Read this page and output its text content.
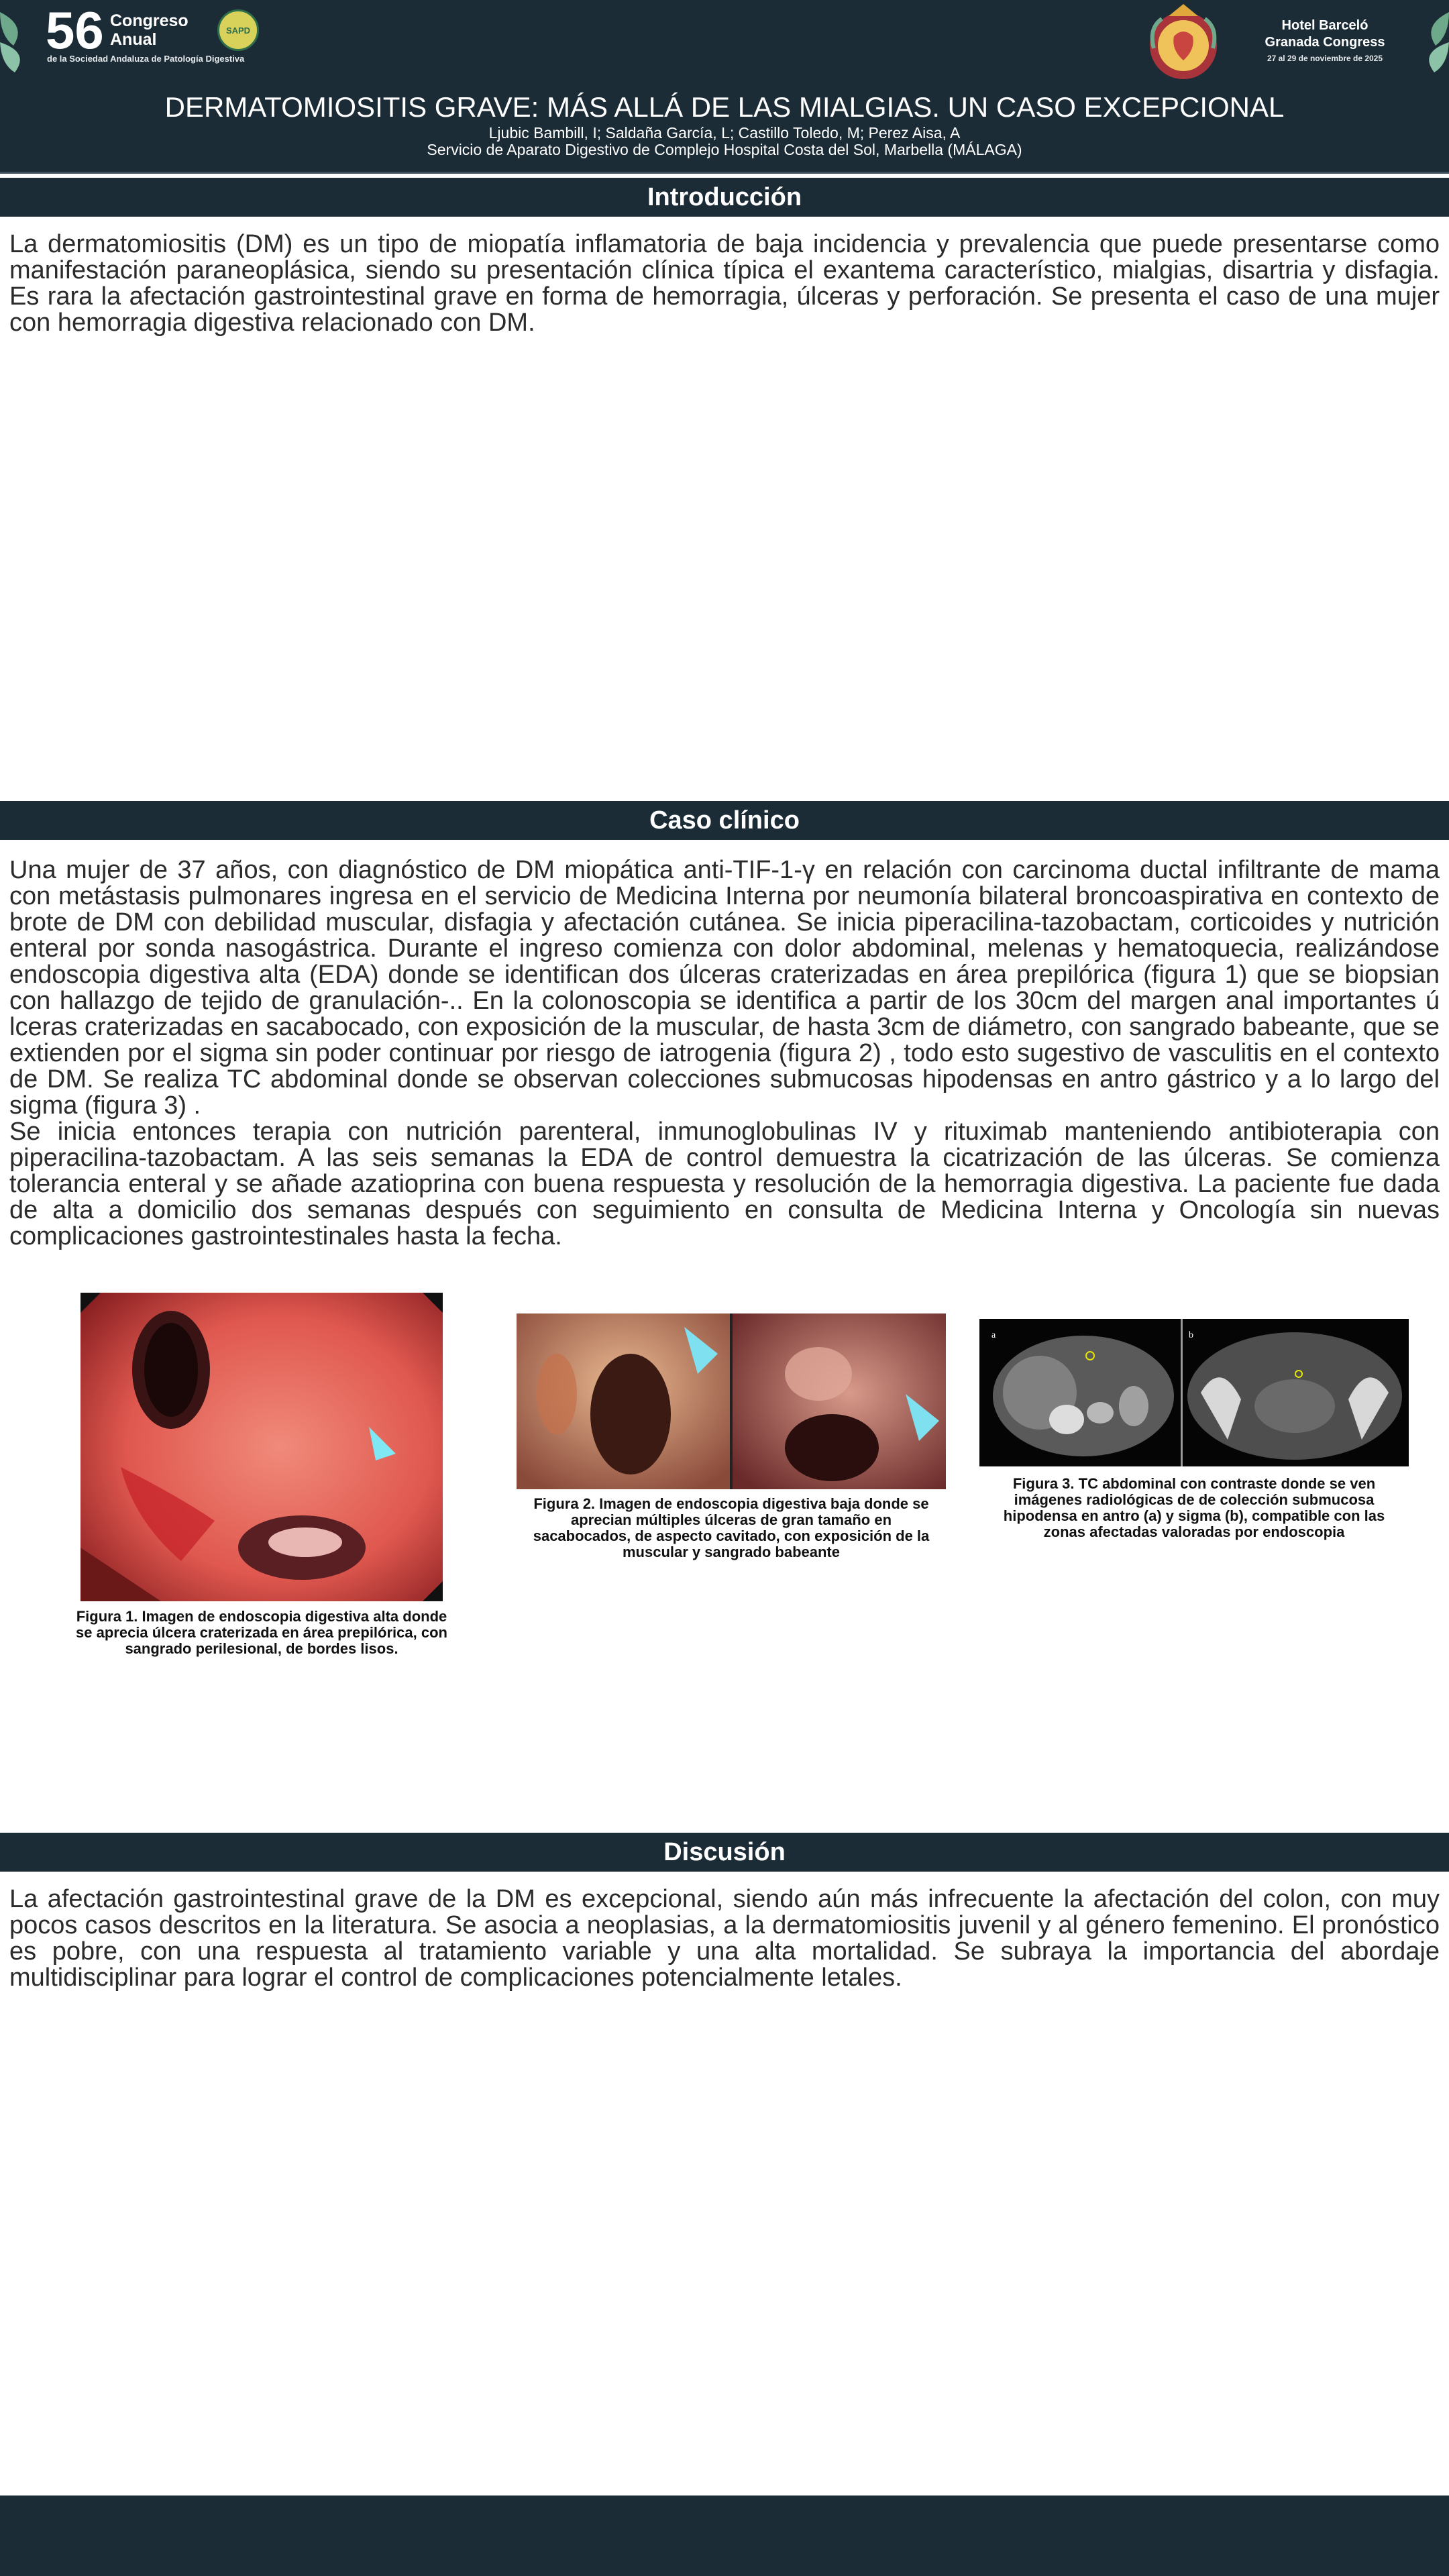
56 Congreso
Anual
de la Sociedad Andaluza de Patología Digestiva
SAPD	Hotel Barceló
Granada Congress
27 al 29 de noviembre de 2025
DERMATOMIOSITIS GRAVE: MÁS ALLÁ DE LAS MIALGIAS. UN CASO EXCEPCIONAL
Ljubic Bambill, I; Saldaña García, L; Castillo Toledo, M; Perez Aisa, A
Servicio de Aparato Digestivo de Complejo Hospital Costa del Sol, Marbella (MÁLAGA)
Introducción

La dermatomiositis (DM) es un tipo de miopatía inflamatoria de baja incidencia y prevalencia que puede presentarse como manifestación paraneoplásica, siendo su presentación clínica típica el exantema característico, mialgias, disartria y disfagia. Es rara la afectación gastrointestinal grave en forma de hemorragia, úlceras y perforación. Se presenta el caso de una mujer con hemorragia digestiva relacionado con DM.

Caso clínico

Una mujer de 37 años, con diagnóstico de DM miopática anti-TIF-1-γ en relación con carcinoma ductal infiltrante de mama con metástasis pulmonares ingresa en el servicio de Medicina Interna por neumonía bilateral broncoaspirativa en contexto de brote de DM con debilidad muscular, disfagia y afectación cutánea. Se inicia piperacilina-tazobactam, corticoides y nutrición enteral por sonda nasogástrica. Durante el ingreso comienza con dolor abdominal, melenas y hematoquecia, realizándose endoscopia digestiva alta (EDA) donde se identifican dos úlceras craterizadas en área prepilórica (figura 1) que se biopsian con hallazgo de tejido de granulación-.. En la colonoscopia se identifica a partir de los 30cm del margen anal importantes ú lceras craterizadas en sacabocado, con exposición de la muscular, de hasta 3cm de diámetro, con sangrado babeante, que se extienden por el sigma sin poder continuar por riesgo de iatrogenia (figura 2) , todo esto sugestivo de vasculitis en el contexto de DM. Se realiza TC abdominal donde se observan colecciones submucosas hipodensas en antro gástrico y a lo largo del sigma (figura 3) .

Se inicia entonces terapia con nutrición parenteral, inmunoglobulinas IV y rituximab manteniendo antibioterapia con piperacilina-tazobactam. A las seis semanas la EDA de control demuestra la cicatrización de las úlceras. Se comienza tolerancia enteral y se añade azatioprina con buena respuesta y resolución de la hemorragia digestiva. La paciente fue dada de alta a domicilio dos semanas después con seguimiento en consulta de Medicina Interna y Oncología sin nuevas complicaciones gastrointestinales hasta la fecha.

Figura 1. Imagen de endoscopia digestiva alta donde se aprecia úlcera craterizada en área prepilórica, con sangrado perilesional, de bordes lisos.
Figura 2. Imagen de endoscopia digestiva baja donde se aprecian múltiples úlceras de gran tamaño en sacabocados, de aspecto cavitado, con exposición de la muscular y sangrado babeante
a	b
Figura 3. TC abdominal con contraste donde se ven imágenes radiológicas de de colección submucosa hipodensa en antro (a) y sigma (b), compatible con las zonas afectadas valoradas por endoscopia
Discusión

La afectación gastrointestinal grave de la DM es excepcional, siendo aún más infrecuente la afectación del colon, con muy pocos casos descritos en la literatura. Se asocia a neoplasias, a la dermatomiositis juvenil y al género femenino. El pronóstico es pobre, con una respuesta al tratamiento variable y una alta mortalidad. Se subraya la importancia del abordaje multidisciplinar para lograr el control de complicaciones potencialmente letales.
